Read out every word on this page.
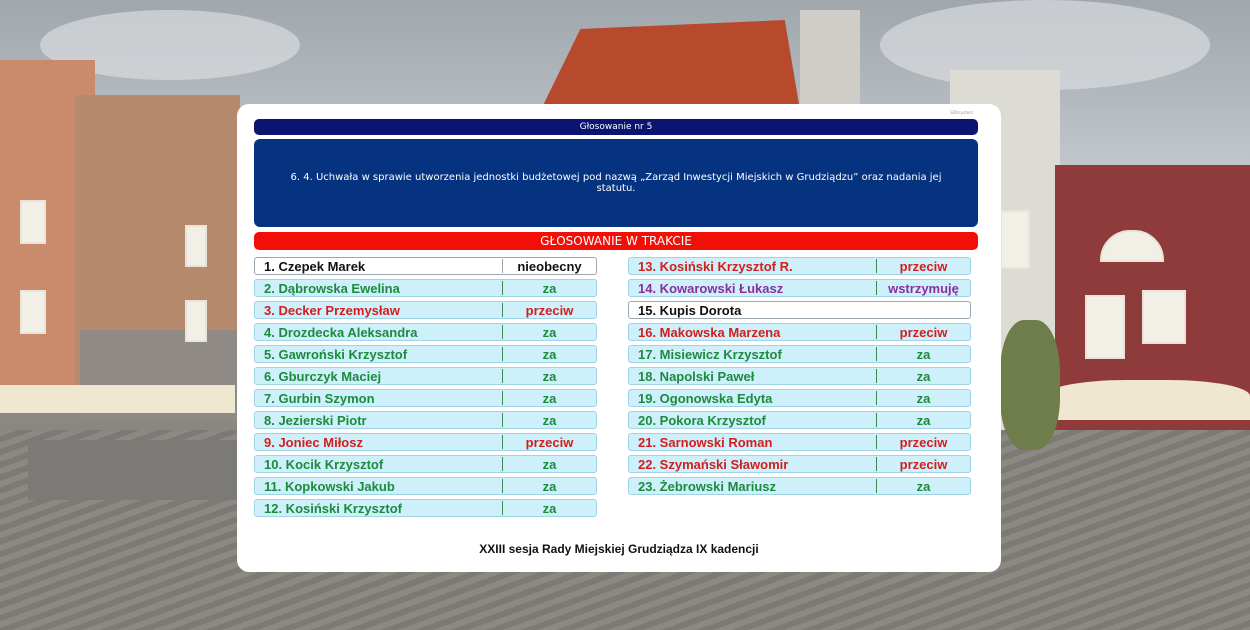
SDVsystem
Głosowanie nr 5
6. 4. Uchwała w sprawie utworzenia jednostki budżetowej pod nazwą „Zarząd Inwestycji Miejskich w Grudziądzu” oraz nadania jej statutu.
GŁOSOWANIE W TRAKCIE
1. Czepek Marek	nieobecny
2. Dąbrowska Ewelina	za
3. Decker Przemysław	przeciw
4. Drozdecka Aleksandra	za
5. Gawroński Krzysztof	za
6. Gburczyk Maciej	za
7. Gurbin Szymon	za
8. Jezierski Piotr	za
9. Joniec Miłosz	przeciw
10. Kocik Krzysztof	za
11. Kopkowski Jakub	za
12. Kosiński Krzysztof	za
13. Kosiński Krzysztof R.	przeciw
14. Kowarowski Łukasz	wstrzymuję
15. Kupis Dorota
16. Makowska Marzena	przeciw
17. Misiewicz Krzysztof	za
18. Napolski Paweł	za
19. Ogonowska Edyta	za
20. Pokora Krzysztof	za
21. Sarnowski Roman	przeciw
22. Szymański Sławomir	przeciw
23. Żebrowski Mariusz	za
XXIII sesja Rady Miejskiej Grudziądza IX kadencji
